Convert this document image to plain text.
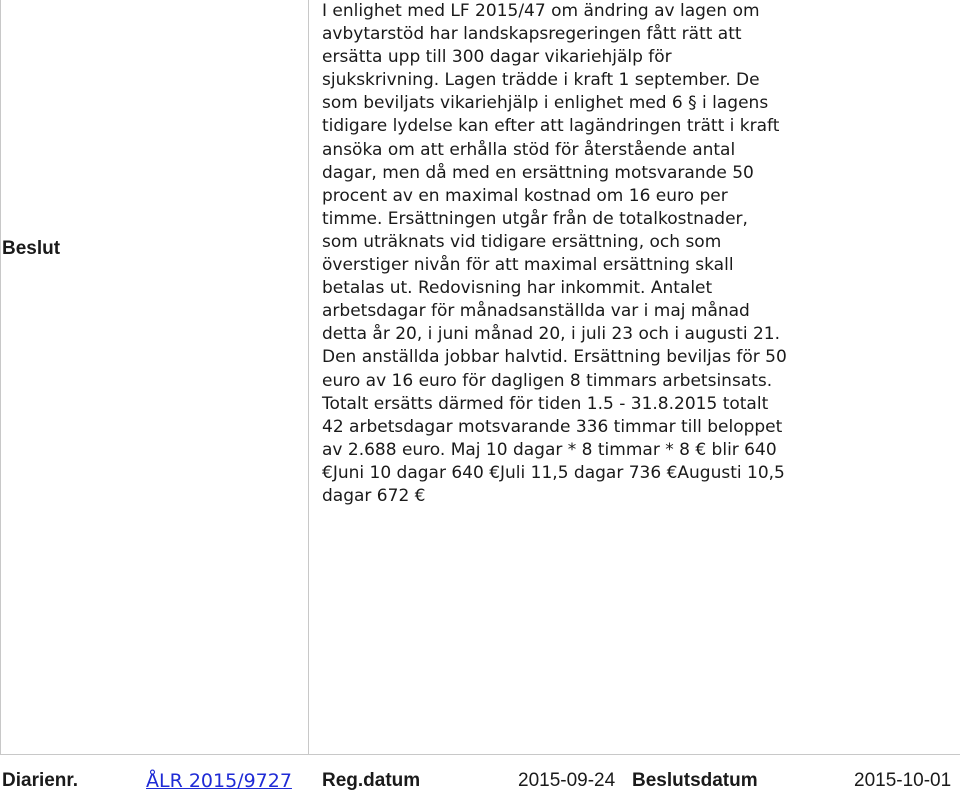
Beslut
I enlighet med LF 2015/47 om ändring av lagen om avbytarstöd har landskapsregeringen fått rätt att ersätta upp till 300 dagar vikariehjälp för sjukskrivning. Lagen trädde i kraft 1 september. De som beviljats vikariehjälp i enlighet med 6 § i lagens tidigare lydelse kan efter att lagändringen trätt i kraft ansöka om att erhålla stöd för återstående antal dagar, men då med en ersättning motsvarande 50 procent av en maximal kostnad om 16 euro per timme. Ersättningen utgår från de totalkostnader, som uträknats vid tidigare ersättning, och som överstiger nivån för att maximal ersättning skall betalas ut. Redovisning har inkommit. Antalet arbetsdagar för månadsanställda var i maj månad detta år 20, i juni månad 20, i juli 23 och i augusti 21. Den anställda jobbar halvtid. Ersättning beviljas för 50 euro av 16 euro för dagligen 8 timmars arbetsinsats. Totalt ersätts därmed för tiden 1.5 - 31.8.2015 totalt 42 arbetsdagar motsvarande 336 timmar till beloppet av 2.688 euro. Maj 10 dagar * 8 timmar * 8 € blir 640 €Juni 10 dagar 640 €Juli 11,5 dagar 736 €Augusti 10,5 dagar 672 €
Diarienr.	ÅLR 2015/9727 Reg.datum	2015-09-24 Beslutsdatum	2015-10-01
